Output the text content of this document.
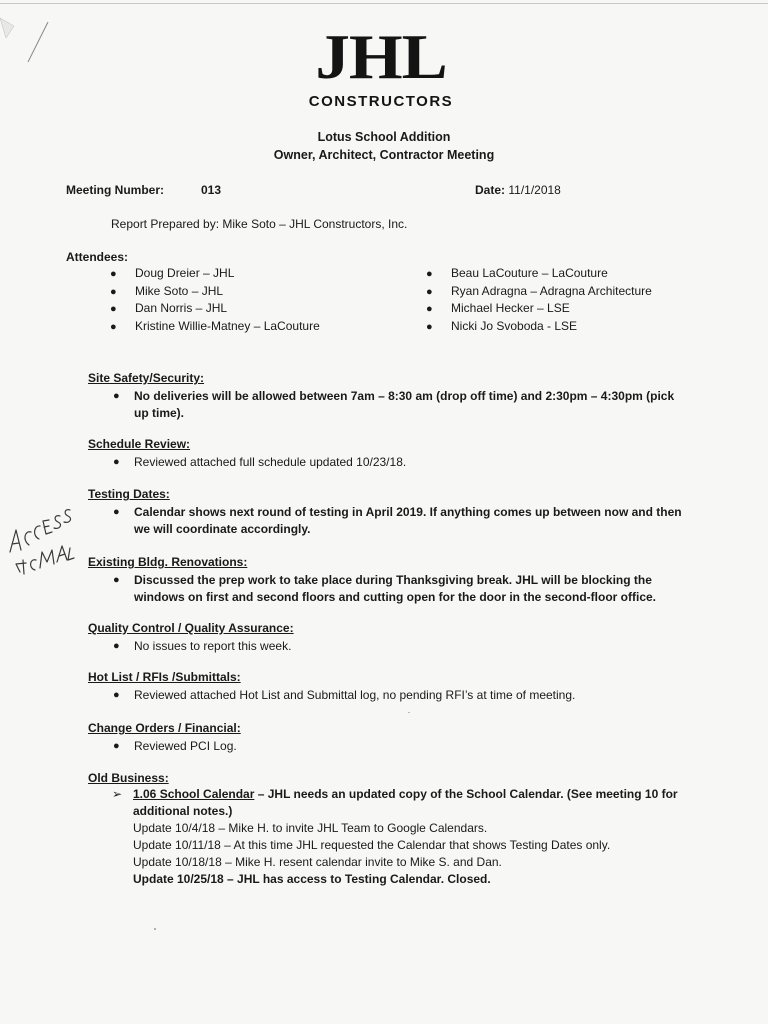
JHL
CONSTRUCTORS
Lotus School Addition
Owner, Architect, Contractor Meeting
Meeting Number:	013	Date: 11/1/2018
Report Prepared by: Mike Soto – JHL Constructors, Inc.
Attendees:
● Doug Dreier – JHL
● Mike Soto – JHL
● Dan Norris – JHL
● Kristine Willie-Matney – LaCouture
● Beau LaCouture – LaCouture
● Ryan Adragna – Adragna Architecture
● Michael Hecker – LSE
● Nicki Jo Svoboda - LSE
Site Safety/Security:
● No deliveries will be allowed between 7am – 8:30 am (drop off time) and 2:30pm – 4:30pm (pick up time).
Schedule Review:
● Reviewed attached full schedule updated 10/23/18.
Testing Dates:
● Calendar shows next round of testing in April 2019. If anything comes up between now and then we will coordinate accordingly.
Existing Bldg. Renovations:
● Discussed the prep work to take place during Thanksgiving break. JHL will be blocking the windows on first and second floors and cutting open for the door in the second-floor office.
Quality Control / Quality Assurance:
● No issues to report this week.
Hot List / RFIs /Submittals:
● Reviewed attached Hot List and Submittal log, no pending RFI’s at time of meeting.
Change Orders / Financial:
● Reviewed PCI Log.
Old Business:
➢ 1.06 School Calendar – JHL needs an updated copy of the School Calendar. (See meeting 10 for additional notes.)
Update 10/4/18 – Mike H. to invite JHL Team to Google Calendars.
Update 10/11/18 – At this time JHL requested the Calendar that shows Testing Dates only.
Update 10/18/18 – Mike H. resent calendar invite to Mike S. and Dan.
Update 10/25/18 – JHL has access to Testing Calendar. Closed.
